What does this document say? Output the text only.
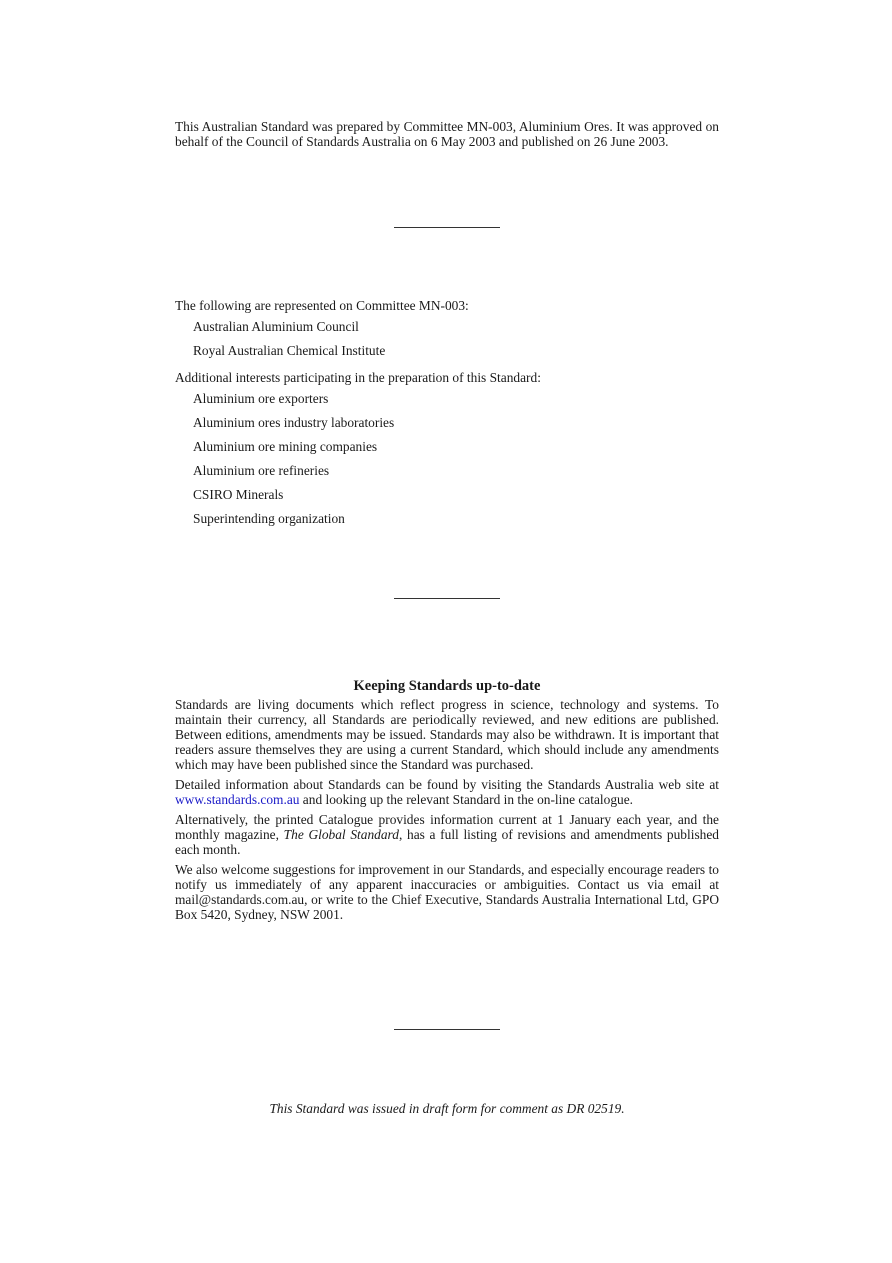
This Australian Standard was prepared by Committee MN-003, Aluminium Ores. It was approved on behalf of the Council of Standards Australia on 6 May 2003 and published on 26 June 2003.

The following are represented on Committee MN-003:

Australian Aluminium Council
Royal Australian Chemical Institute

Additional interests participating in the preparation of this Standard:

Aluminium ore exporters
Aluminium ores industry laboratories
Aluminium ore mining companies
Aluminium ore refineries
CSIRO Minerals
Superintending organization
Keeping Standards up-to-date

Standards are living documents which reflect progress in science, technology and systems. To maintain their currency, all Standards are periodically reviewed, and new editions are published. Between editions, amendments may be issued. Standards may also be withdrawn. It is important that readers assure themselves they are using a current Standard, which should include any amendments which may have been published since the Standard was purchased.

Detailed information about Standards can be found by visiting the Standards Australia web site at www.standards.com.au and looking up the relevant Standard in the on-line catalogue.

Alternatively, the printed Catalogue provides information current at 1 January each year, and the monthly magazine, The Global Standard, has a full listing of revisions and amendments published each month.

We also welcome suggestions for improvement in our Standards, and especially encourage readers to notify us immediately of any apparent inaccuracies or ambiguities. Contact us via email at mail@standards.com.au, or write to the Chief Executive, Standards Australia International Ltd, GPO Box 5420, Sydney, NSW 2001.

This Standard was issued in draft form for comment as DR 02519.
